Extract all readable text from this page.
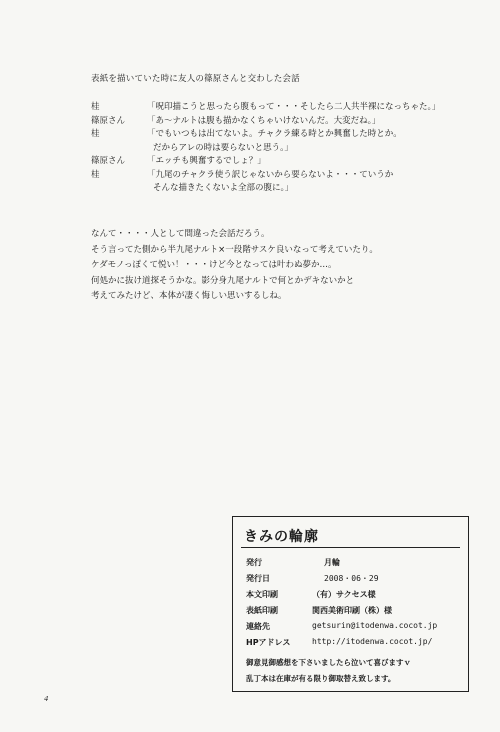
表紙を描いていた時に友人の篠原さんと交わした会話
桂	「呪印描こうと思ったら腹もって・・・そしたら二人共半裸になっちゃた。」
篠原さん	「あ〜ナルトは腹も描かなくちゃいけないんだ。大変だね。」
桂	「でもいつもは出てないよ。チャクラ練る時とか興奮した時とか。
だからアレの時は要らないと思う。」
篠原さん	「エッチも興奮するでしょ？」
桂	「九尾のチャクラ使う訳じゃないから要らないよ・・・ていうか
そんな描きたくないよ全部の腹に。」
なんて・・・・人として間違った会話だろう。
そう言ってた側から半九尾ナルト×一段階サスケ良いなって考えていたり。
ケダモノっぽくて悦い！・・・けど今となっては叶わぬ夢か…。
何処かに抜け道探そうかな。影分身九尾ナルトで何とかデキないかと
考えてみたけど、本体が凄く悔しい思いするしね。
きみの輪廓
発行	月輪
発行日	2008・06・29
本文印刷	（有）サクセス様
表紙印刷	関西美術印刷（株）様
連絡先	getsurin@itodenwa.cocot.jp
HPアドレス	http://itodenwa.cocot.jp/
御意見御感想を下さいましたら泣いて喜びますｖ
乱丁本は在庫が有る限り御取替え致します。
4
